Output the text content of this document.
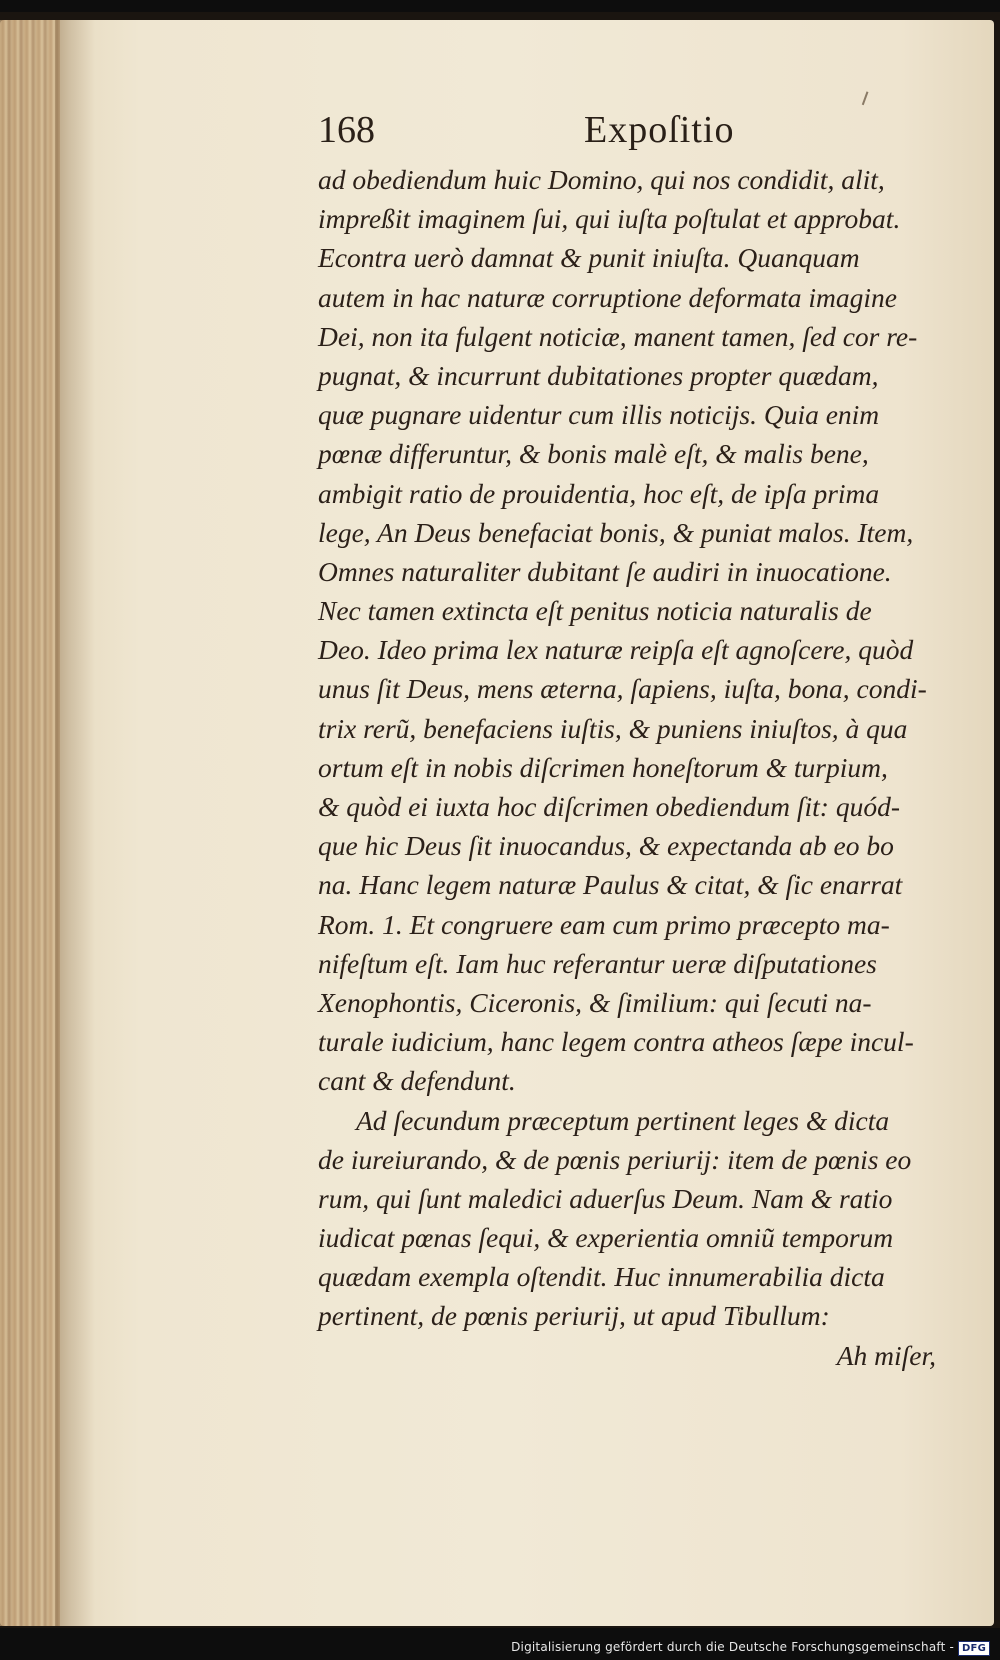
168	Expoſitio
ad obediendum huic Domino, qui nos condidit, alit,
impreßit imaginem ſui, qui iuſta poſtulat et approbat.
Econtra uerò damnat & punit iniuſta. Quanquam
autem in hac naturæ corruptione deformata imagine
Dei, non ita fulgent noticiæ, manent tamen, ſed cor re-
pugnat, & incurrunt dubitationes propter quædam,
quæ pugnare uidentur cum illis noticijs. Quia enim
pœnæ differuntur, & bonis malè eſt, & malis bene,
ambigit ratio de prouidentia, hoc eſt, de ipſa prima
lege, An Deus benefaciat bonis, & puniat malos. Item,
Omnes naturaliter dubitant ſe audiri in inuocatione.
Nec tamen extincta eſt penitus noticia naturalis de
Deo. Ideo prima lex naturæ reipſa eſt agnoſcere, quòd
unus ſit Deus, mens æterna, ſapiens, iuſta, bona, condi-
trix rerũ, benefaciens iuſtis, & puniens iniuſtos, à qua
ortum eſt in nobis diſcrimen honeſtorum & turpium,
& quòd ei iuxta hoc diſcrimen obediendum ſit: quód-
que hic Deus ſit inuocandus, & expectanda ab eo bo
na. Hanc legem naturæ Paulus & citat, & ſic enarrat
Rom. 1. Et congruere eam cum primo præcepto ma-
nifeſtum eſt. Iam huc referantur ueræ diſputationes
Xenophontis, Ciceronis, & ſimilium: qui ſecuti na-
turale iudicium, hanc legem contra atheos ſæpe incul-
cant & defendunt.
Ad ſecundum præceptum pertinent leges & dicta
de iureiurando, & de pœnis periurij: item de pœnis eo
rum, qui ſunt maledici aduerſus Deum. Nam & ratio
iudicat pœnas ſequi, & experientia omniũ temporum
quædam exempla oſtendit. Huc innumerabilia dicta
pertinent, de pœnis periurij, ut apud Tibullum:
Ah miſer,
Digitalisierung gefördert durch die Deutsche Forschungsgemeinschaft - DFG
